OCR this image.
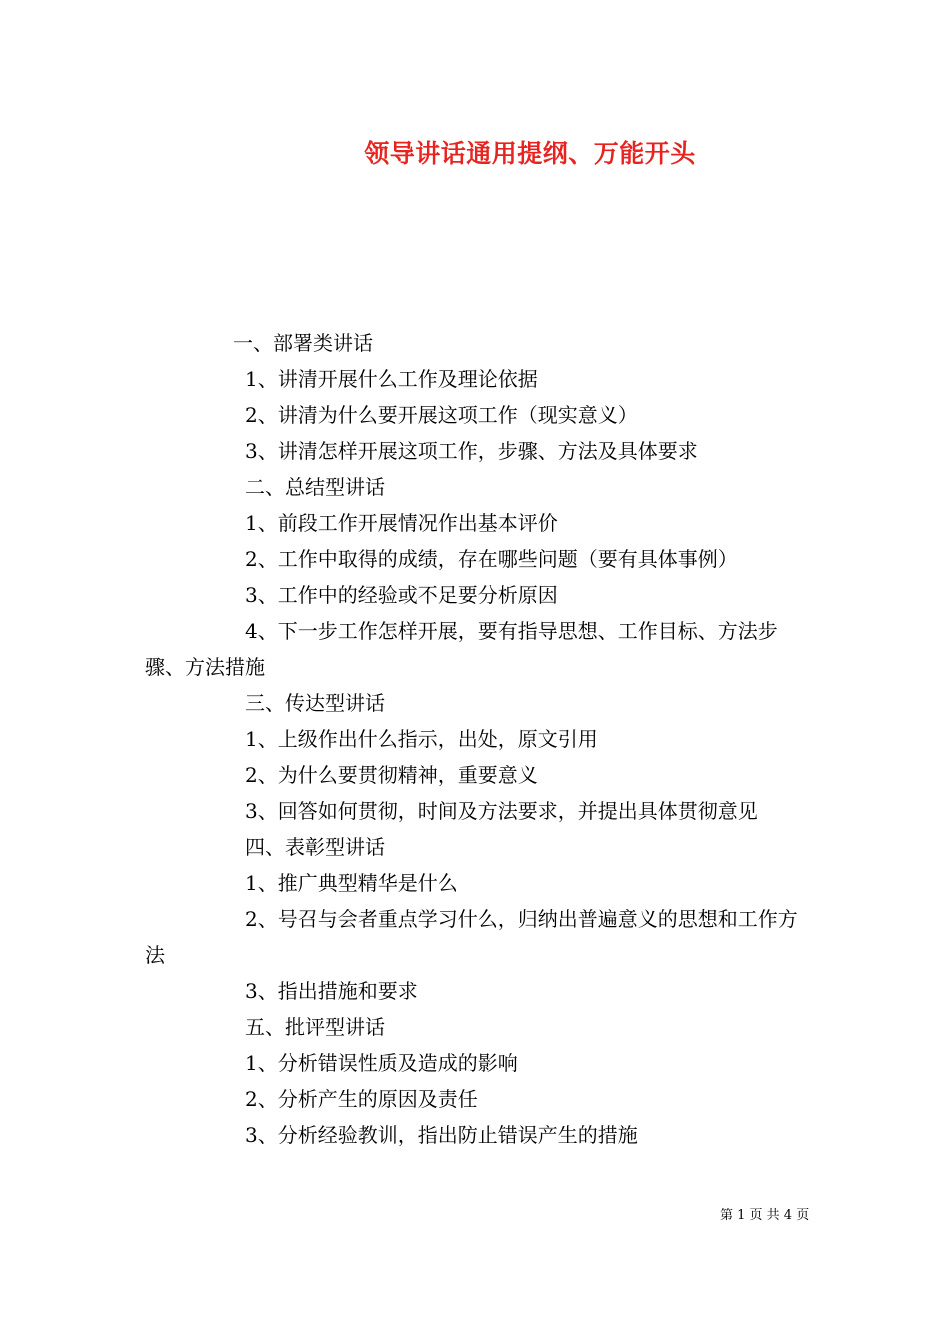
领导讲话通用提纲、万能开头

一、部署类讲话

1、讲清开展什么工作及理论依据

2、讲清为什么要开展这项工作（现实意义）

3、讲清怎样开展这项工作，步骤、方法及具体要求

二、总结型讲话

1、前段工作开展情况作出基本评价

2、工作中取得的成绩，存在哪些问题（要有具体事例）

3、工作中的经验或不足要分析原因

4、下一步工作怎样开展，要有指导思想、工作目标、方法步骤、方法措施

三、传达型讲话

1、上级作出什么指示，出处，原文引用

2、为什么要贯彻精神，重要意义

3、回答如何贯彻，时间及方法要求，并提出具体贯彻意见

四、表彰型讲话

1、推广典型精华是什么

2、号召与会者重点学习什么，归纳出普遍意义的思想和工作方法

3、指出措施和要求

五、批评型讲话

1、分析错误性质及造成的影响

2、分析产生的原因及责任

3、分析经验教训，指出防止错误产生的措施

第 1 页 共 4 页
